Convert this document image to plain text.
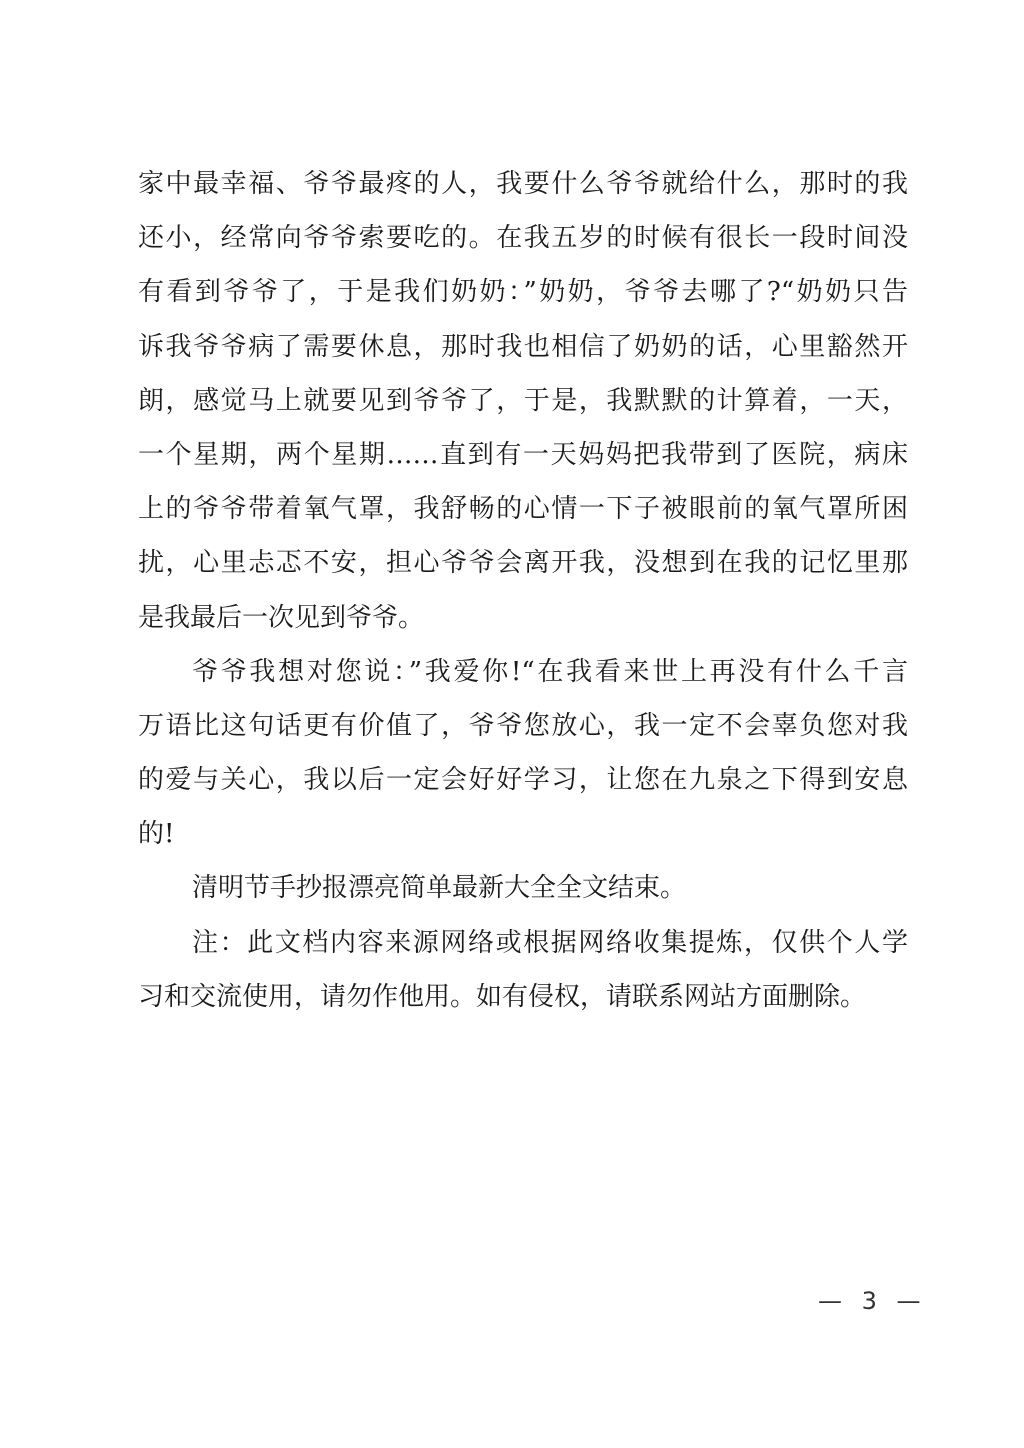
家中最幸福、爷爷最疼的人，我要什么爷爷就给什么，那时的我
还小，经常向爷爷索要吃的。在我五岁的时候有很长一段时间没
有看到爷爷了，于是我们奶奶：”奶奶，爷爷去哪了?“奶奶只告
诉我爷爷病了需要休息，那时我也相信了奶奶的话，心里豁然开
朗，感觉马上就要见到爷爷了，于是，我默默的计算着，一天，
一个星期，两个星期……直到有一天妈妈把我带到了医院，病床
上的爷爷带着氧气罩，我舒畅的心情一下子被眼前的氧气罩所困
扰，心里忐忑不安，担心爷爷会离开我，没想到在我的记忆里那
是我最后一次见到爷爷。
爷爷我想对您说：”我爱你!“在我看来世上再没有什么千言
万语比这句话更有价值了，爷爷您放心，我一定不会辜负您对我
的爱与关心，我以后一定会好好学习，让您在九泉之下得到安息
的!
清明节手抄报漂亮简单最新大全全文结束。
注：此文档内容来源网络或根据网络收集提炼，仅供个人学
习和交流使用，请勿作他用。如有侵权，请联系网站方面删除。
— 3 —
